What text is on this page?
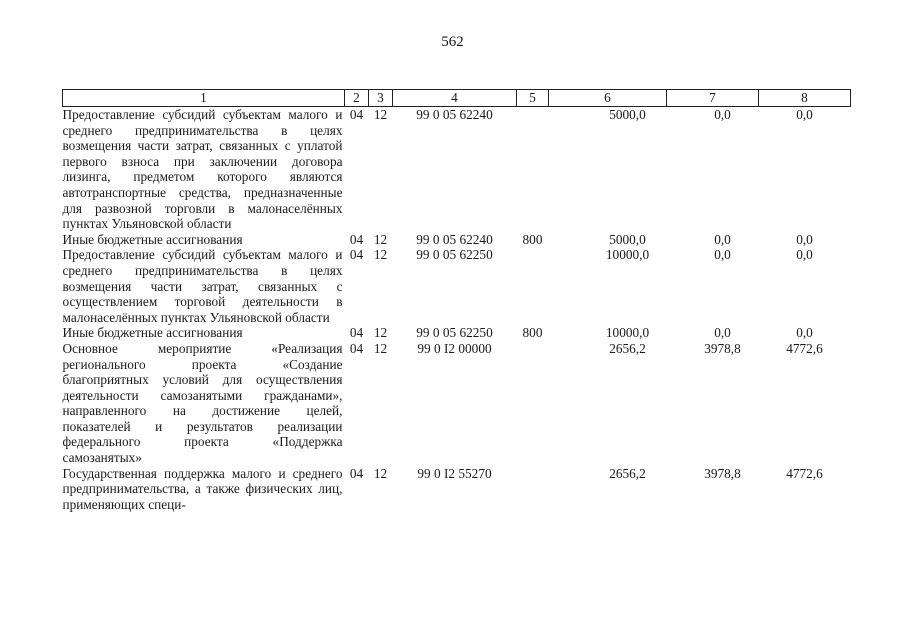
562
1	2	3	4	5	6	7	8
Предоставление субсидий субъектам малого и среднего предпринимательства в целях возмещения части затрат, связанных с уплатой первого взноса при заключении договора лизинга, предметом которого являются автотранспортные средства, предназначенные для развозной торговли в малонаселённых пунктах Ульяновской области	04	12	99 0 05 62240		5000,0	0,0	0,0
Иные бюджетные ассигнования	04	12	99 0 05 62240	800	5000,0	0,0	0,0
Предоставление субсидий субъектам малого и среднего предпринимательства в целях возмещения части затрат, связанных с осуществлением торговой деятельности в малонаселённых пунктах Ульяновской области	04	12	99 0 05 62250		10000,0	0,0	0,0
Иные бюджетные ассигнования	04	12	99 0 05 62250	800	10000,0	0,0	0,0
Основное мероприятие «Реализация регионального проекта «Создание благоприятных условий для осуществления деятельности самозанятыми гражданами», направленного на достижение целей, показателей и результатов реализации федерального проекта «Поддержка самозанятых»	04	12	99 0 I2 00000		2656,2	3978,8	4772,6
Государственная поддержка малого и среднего предпринимательства, а также физических лиц, применяющих специ-	04	12	99 0 I2 55270		2656,2	3978,8	4772,6
